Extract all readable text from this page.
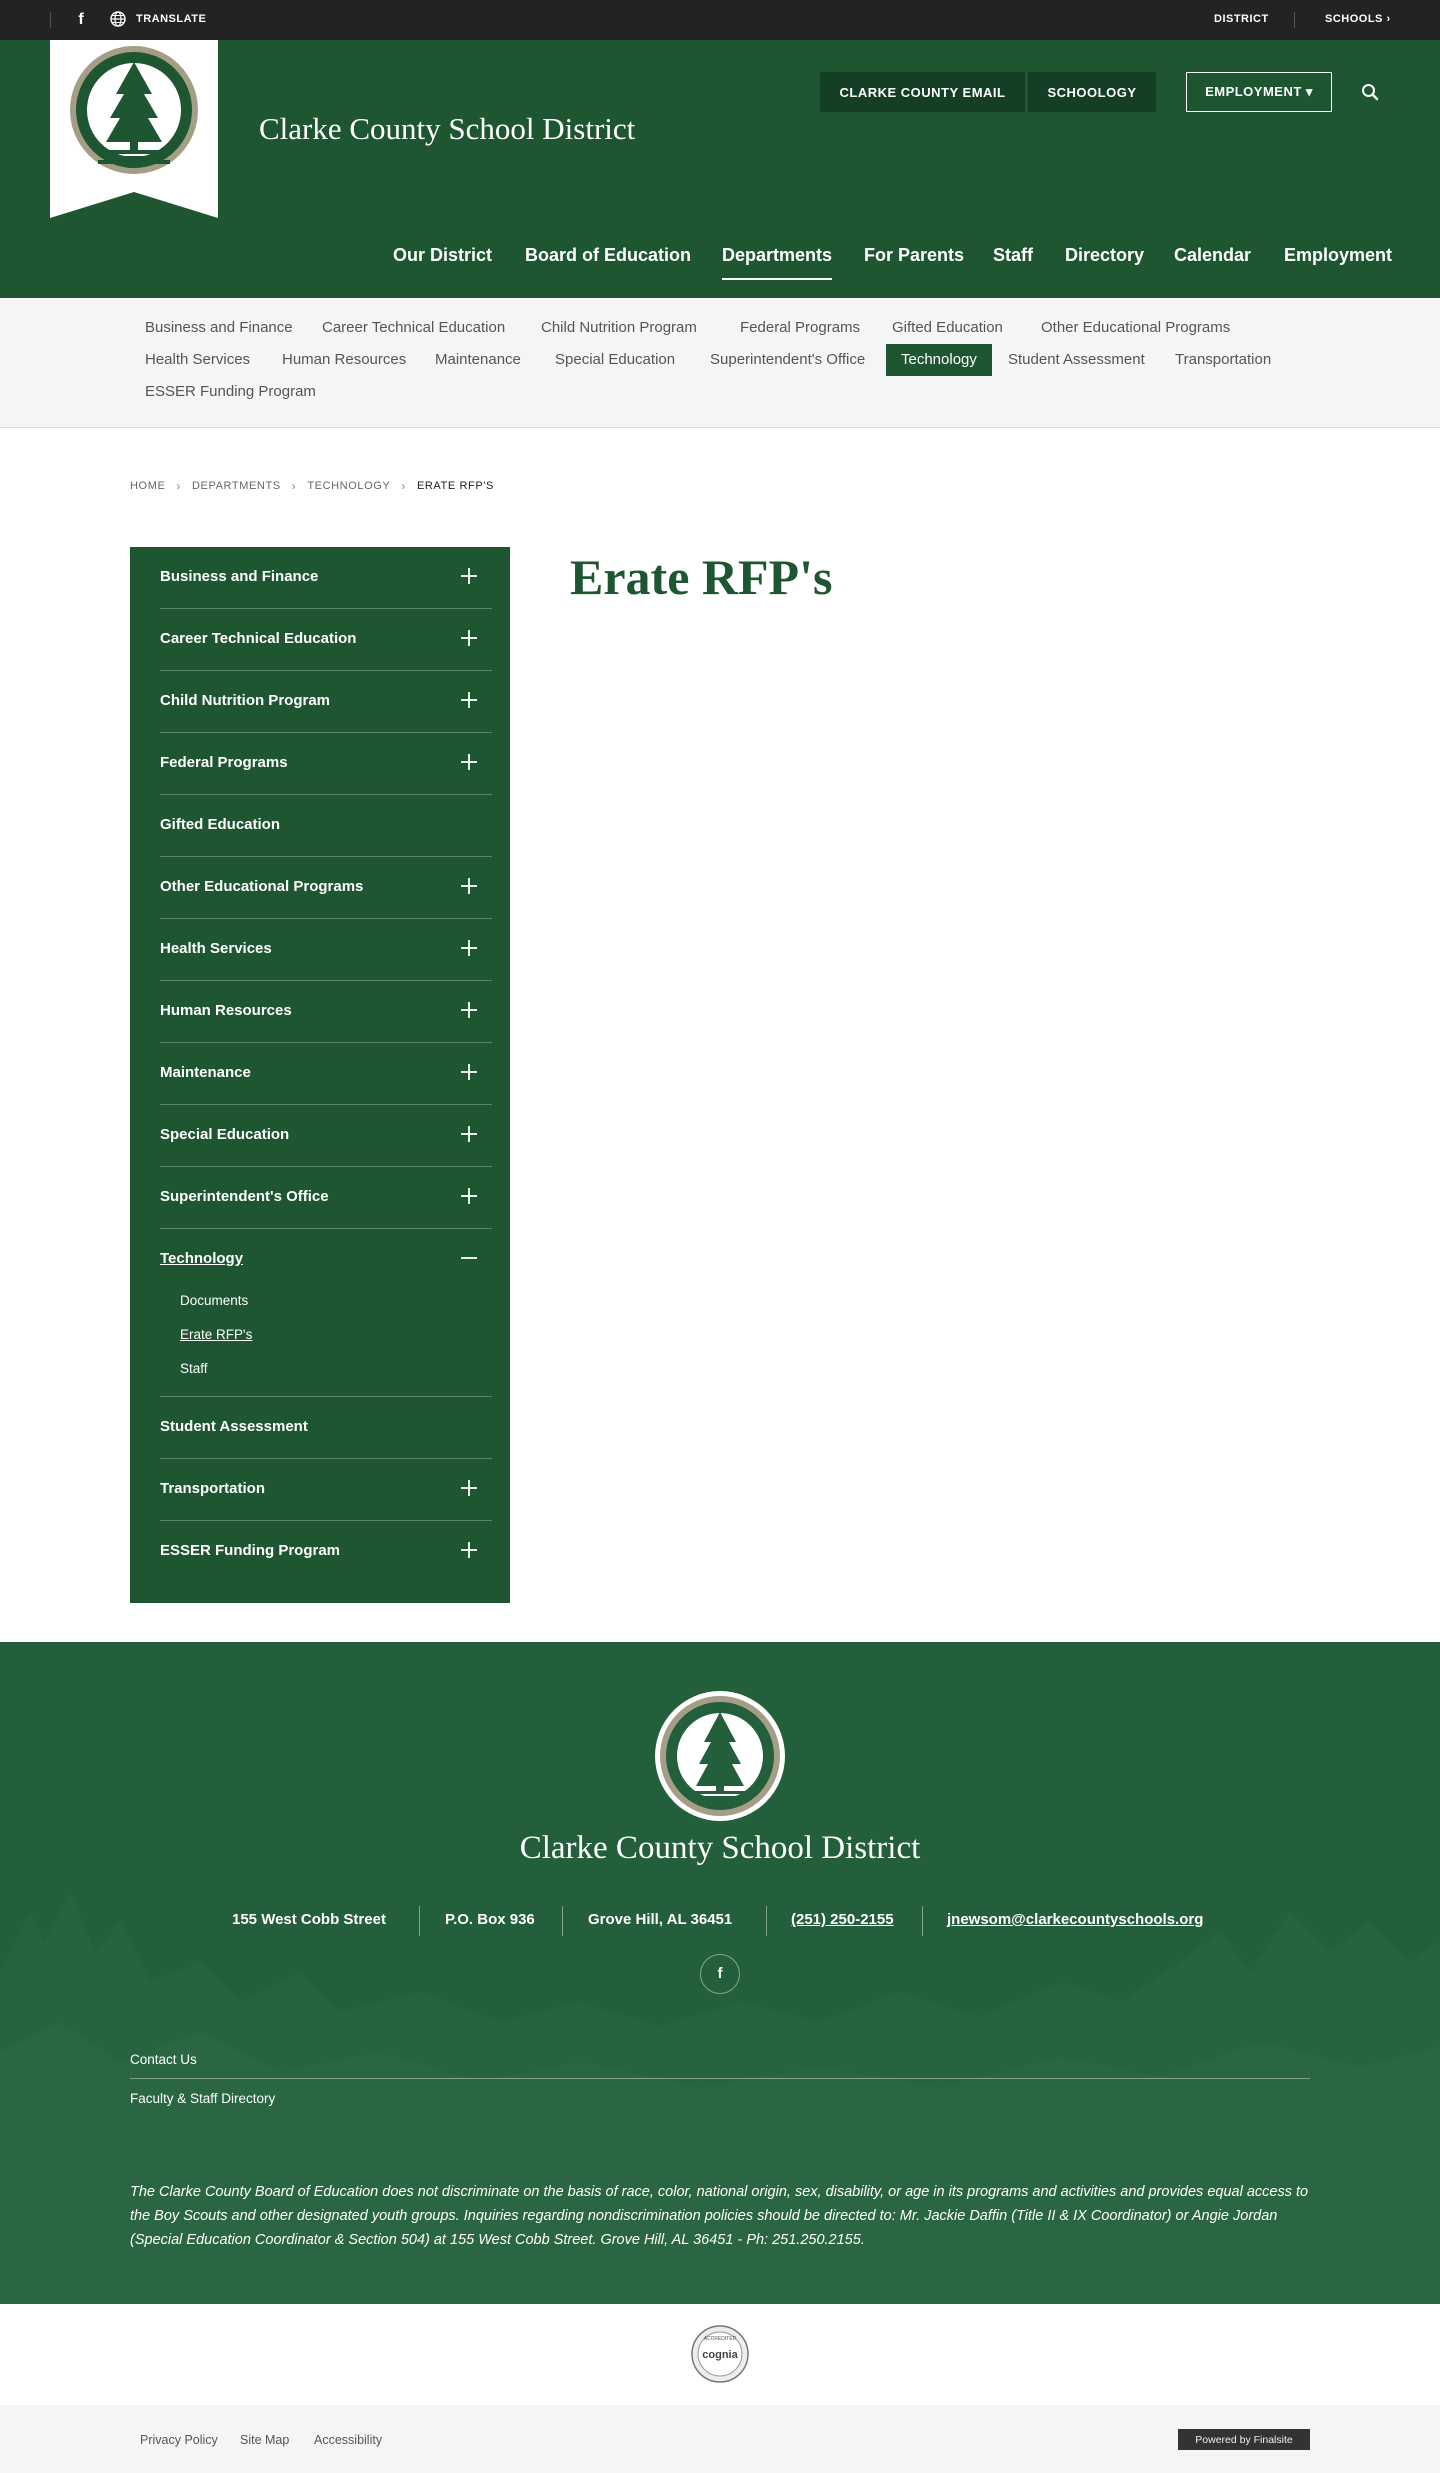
f	TRANSLATE	DISTRICT	SCHOOLS ›
Clarke County School District
CLARKE COUNTY EMAIL	SCHOOLOGY	EMPLOYMENT ▾
Our District Board of Education Departments For Parents Staff Directory Calendar Employment
Business and Finance Career Technical Education Child Nutrition Program	Federal Programs Gifted Education	Other Educational Programs
Health Services Human Resources Maintenance Special Education Superintendent's Office	Technology	Student Assessment Transportation
ESSER Funding Program
HOME › DEPARTMENTS › TECHNOLOGY › ERATE RFP'S
Business and Finance
Career Technical Education
Child Nutrition Program
Federal Programs
Gifted Education
Other Educational Programs
Health Services
Human Resources
Maintenance
Special Education
Superintendent's Office
Technology
Documents
Erate RFP's
Staff
Student Assessment
Transportation
ESSER Funding Program
Erate RFP's
Clarke County School District
155 West Cobb Street	P.O. Box 936	Grove Hill, AL 36451	(251) 250-2155	jnewsom@clarkecountyschools.org
f
Contact Us
Faculty & Staff Directory

The Clarke County Board of Education does not discriminate on the basis of race, color, national origin, sex, disability, or age in its programs and activities and provides equal access to the Boy Scouts and other designated youth groups. Inquiries regarding nondiscrimination policies should be directed to: Mr. Jackie Daffin (Title II & IX Coordinator) or Angie Jordan (Special Education Coordinator & Section 504) at 155 West Cobb Street. Grove Hill, AL 36451 - Ph: 251.250.2155.

ACCREDITED
cognia
Privacy Policy Site Map Accessibility	Powered by Finalsite
